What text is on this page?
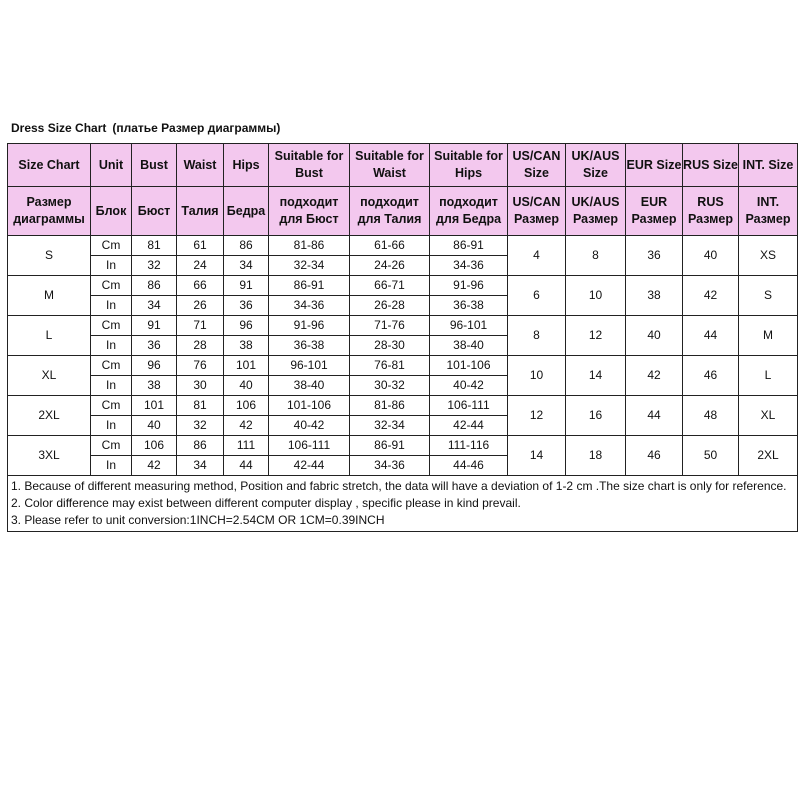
Dress Size Chart (платье Размер диаграммы)
Size Chart	Unit	Bust	Waist	Hips	Suitable for Bust	Suitable for Waist	Suitable for Hips	US/CAN Size	UK/AUS Size	EUR Size	RUS Size	INT. Size
Размер диаграммы	Блок	Бюст	Талия	Бедра	подходит для Бюст	подходит для Талия	подходит для Бедра	US/CAN Размер	UK/AUS Размер	EUR Размер	RUS Размер	INT. Размер
S	Cm	81	61	86	81-86	61-66	86-91	4	8	36	40	XS
	In	32	24	34	32-34	24-26	34-36					
M	Cm	86	66	91	86-91	66-71	91-96	6	10	38	42	S
	In	34	26	36	34-36	26-28	36-38					
L	Cm	91	71	96	91-96	71-76	96-101	8	12	40	44	M
	In	36	28	38	36-38	28-30	38-40					
XL	Cm	96	76	101	96-101	76-81	101-106	10	14	42	46	L
	In	38	30	40	38-40	30-32	40-42					
2XL	Cm	101	81	106	101-106	81-86	106-111	12	16	44	48	XL
	In	40	32	42	40-42	32-34	42-44					
3XL	Cm	106	86	111	106-111	86-91	111-116	14	18	46	50	2XL
	In	42	34	44	42-44	34-36	44-46					

1. Because of different measuring method, Position and fabric stretch, the data will have a deviation of 1-2 cm .The size chart is only for reference.
2. Color difference may exist between different computer display , specific please in kind prevail.
3. Please refer to unit conversion:1INCH=2.54CM OR 1CM=0.39INCH												
